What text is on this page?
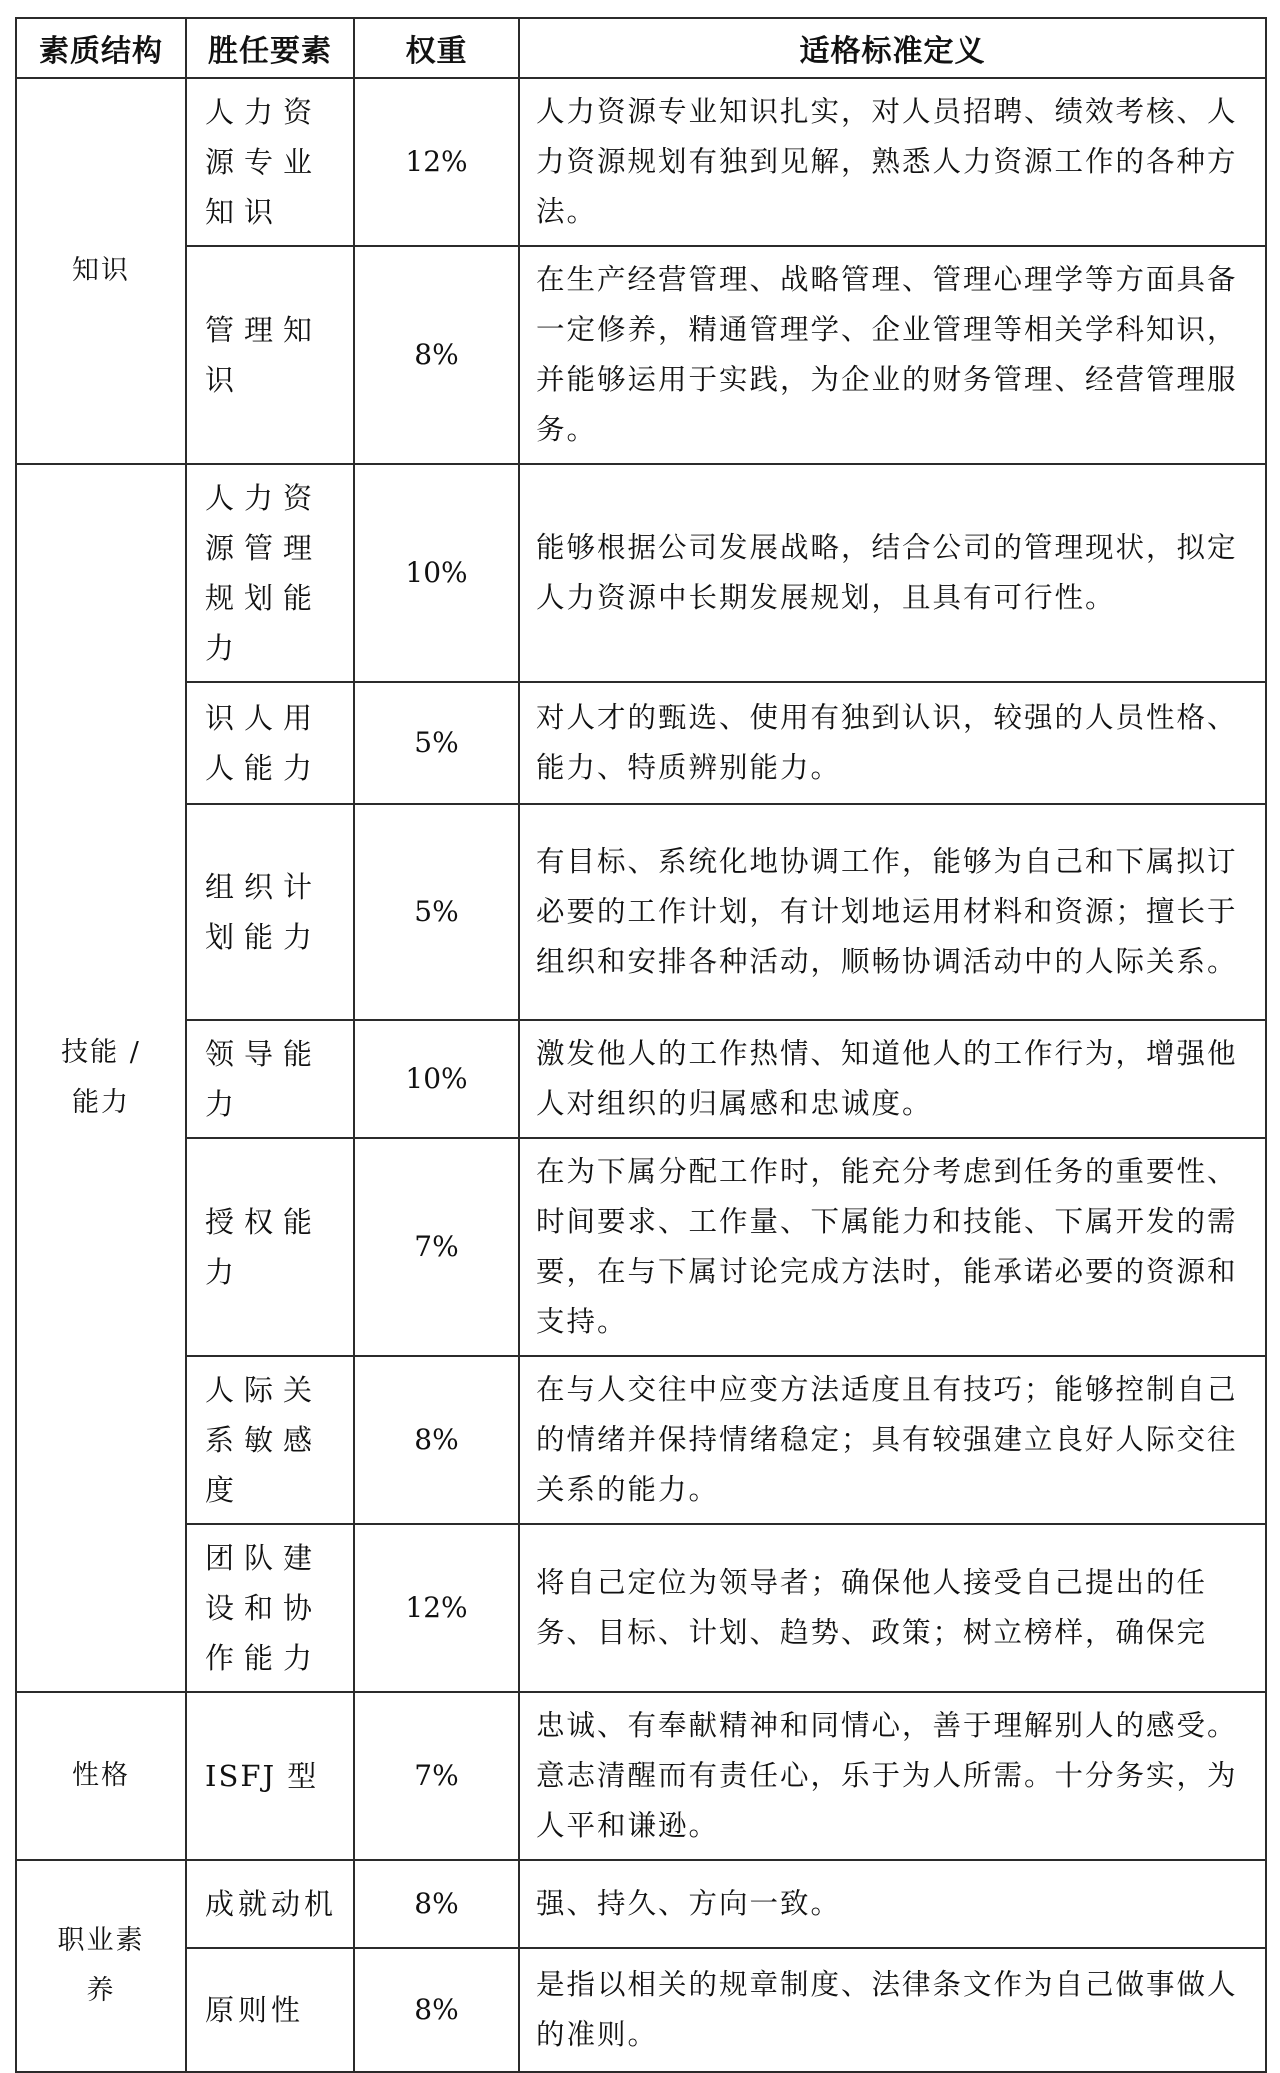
素质结构	胜任要素	权重	适格标准定义
知识	人力资源专业知识	12%	人力资源专业知识扎实，对人员招聘、绩效考核、人力资源规划有独到见解，熟悉人力资源工作的各种方法。
	管理知识	8%	在生产经营管理、战略管理、管理心理学等方面具备一定修养，精通管理学、企业管理等相关学科知识，并能够运用于实践，为企业的财务管理、经营管理服务。
技能 / 能力	人力资源管理规划能力	10%	能够根据公司发展战略，结合公司的管理现状，拟定人力资源中长期发展规划，且具有可行性。
	识人用人能力	5%	对人才的甄选、使用有独到认识，较强的人员性格、能力、特质辨别能力。
	组织计划能力	5%	有目标、系统化地协调工作，能够为自己和下属拟订必要的工作计划，有计划地运用材料和资源；擅长于组织和安排各种活动，顺畅协调活动中的人际关系。
	领导能力	10%	激发他人的工作热情、知道他人的工作行为，增强他人对组织的归属感和忠诚度。
	授权能力	7%	在为下属分配工作时，能充分考虑到任务的重要性、时间要求、工作量、下属能力和技能、下属开发的需要，在与下属讨论完成方法时，能承诺必要的资源和支持。
	人际关系敏感度	8%	在与人交往中应变方法适度且有技巧；能够控制自己的情绪并保持情绪稳定；具有较强建立良好人际交往关系的能力。
	团队建设和协作能力	12%	将自己定位为领导者；确保他人接受自己提出的任务、目标、计划、趋势、政策；树立榜样，确保完
性格	ISFJ 型	7%	忠诚、有奉献精神和同情心，善于理解别人的感受。意志清醒而有责任心，乐于为人所需。十分务实，为人平和谦逊。
职业素养	成就动机	8%	强、持久、方向一致。
	原则性	8%	是指以相关的规章制度、法律条文作为自己做事做人的准则。
